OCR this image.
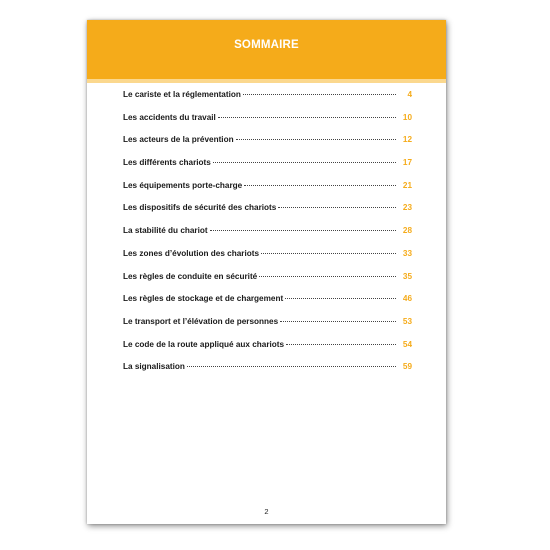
SOMMAIRE
Le cariste et la réglementation	4
Les accidents du travail	10
Les acteurs de la prévention	12
Les différents chariots	17
Les équipements porte-charge	21
Les dispositifs de sécurité des chariots	23
La stabilité du chariot	28
Les zones d’évolution des chariots	33
Les règles de conduite en sécurité	35
Les règles de stockage et de chargement	46
Le transport et l’élévation de personnes	53
Le code de la route appliqué aux chariots	54
La signalisation	59
2
